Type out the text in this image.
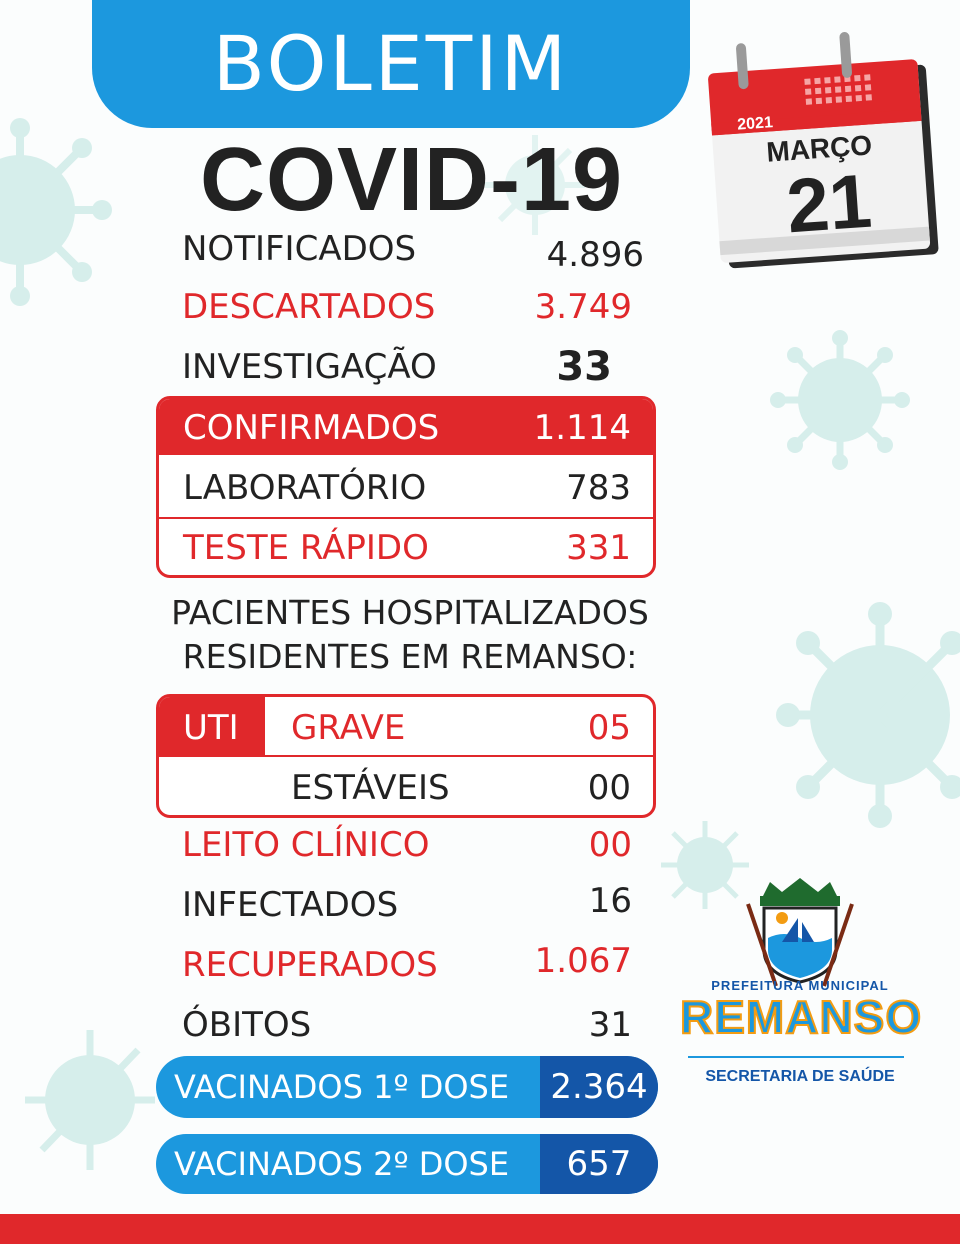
BOLETIM
COVID-19
2021
MARÇO
21
NOTIFICADOS	4.896
DESCARTADOS	3.749
INVESTIGAÇÃO	33
CONFIRMADOS	1.114
LABORATÓRIO	783
TESTE RÁPIDO	331
PACIENTES HOSPITALIZADOS
RESIDENTES EM REMANSO:
UTI GRAVE	05
ESTÁVEIS	00
LEITO CLÍNICO	00
INFECTADOS	16
RECUPERADOS	1.067
ÓBITOS	31
VACINADOS 1º DOSE	2.364
VACINADOS 2º DOSE	657
PREFEITURA MUNICIPAL
REMANSO
SECRETARIA DE SAÚDE
